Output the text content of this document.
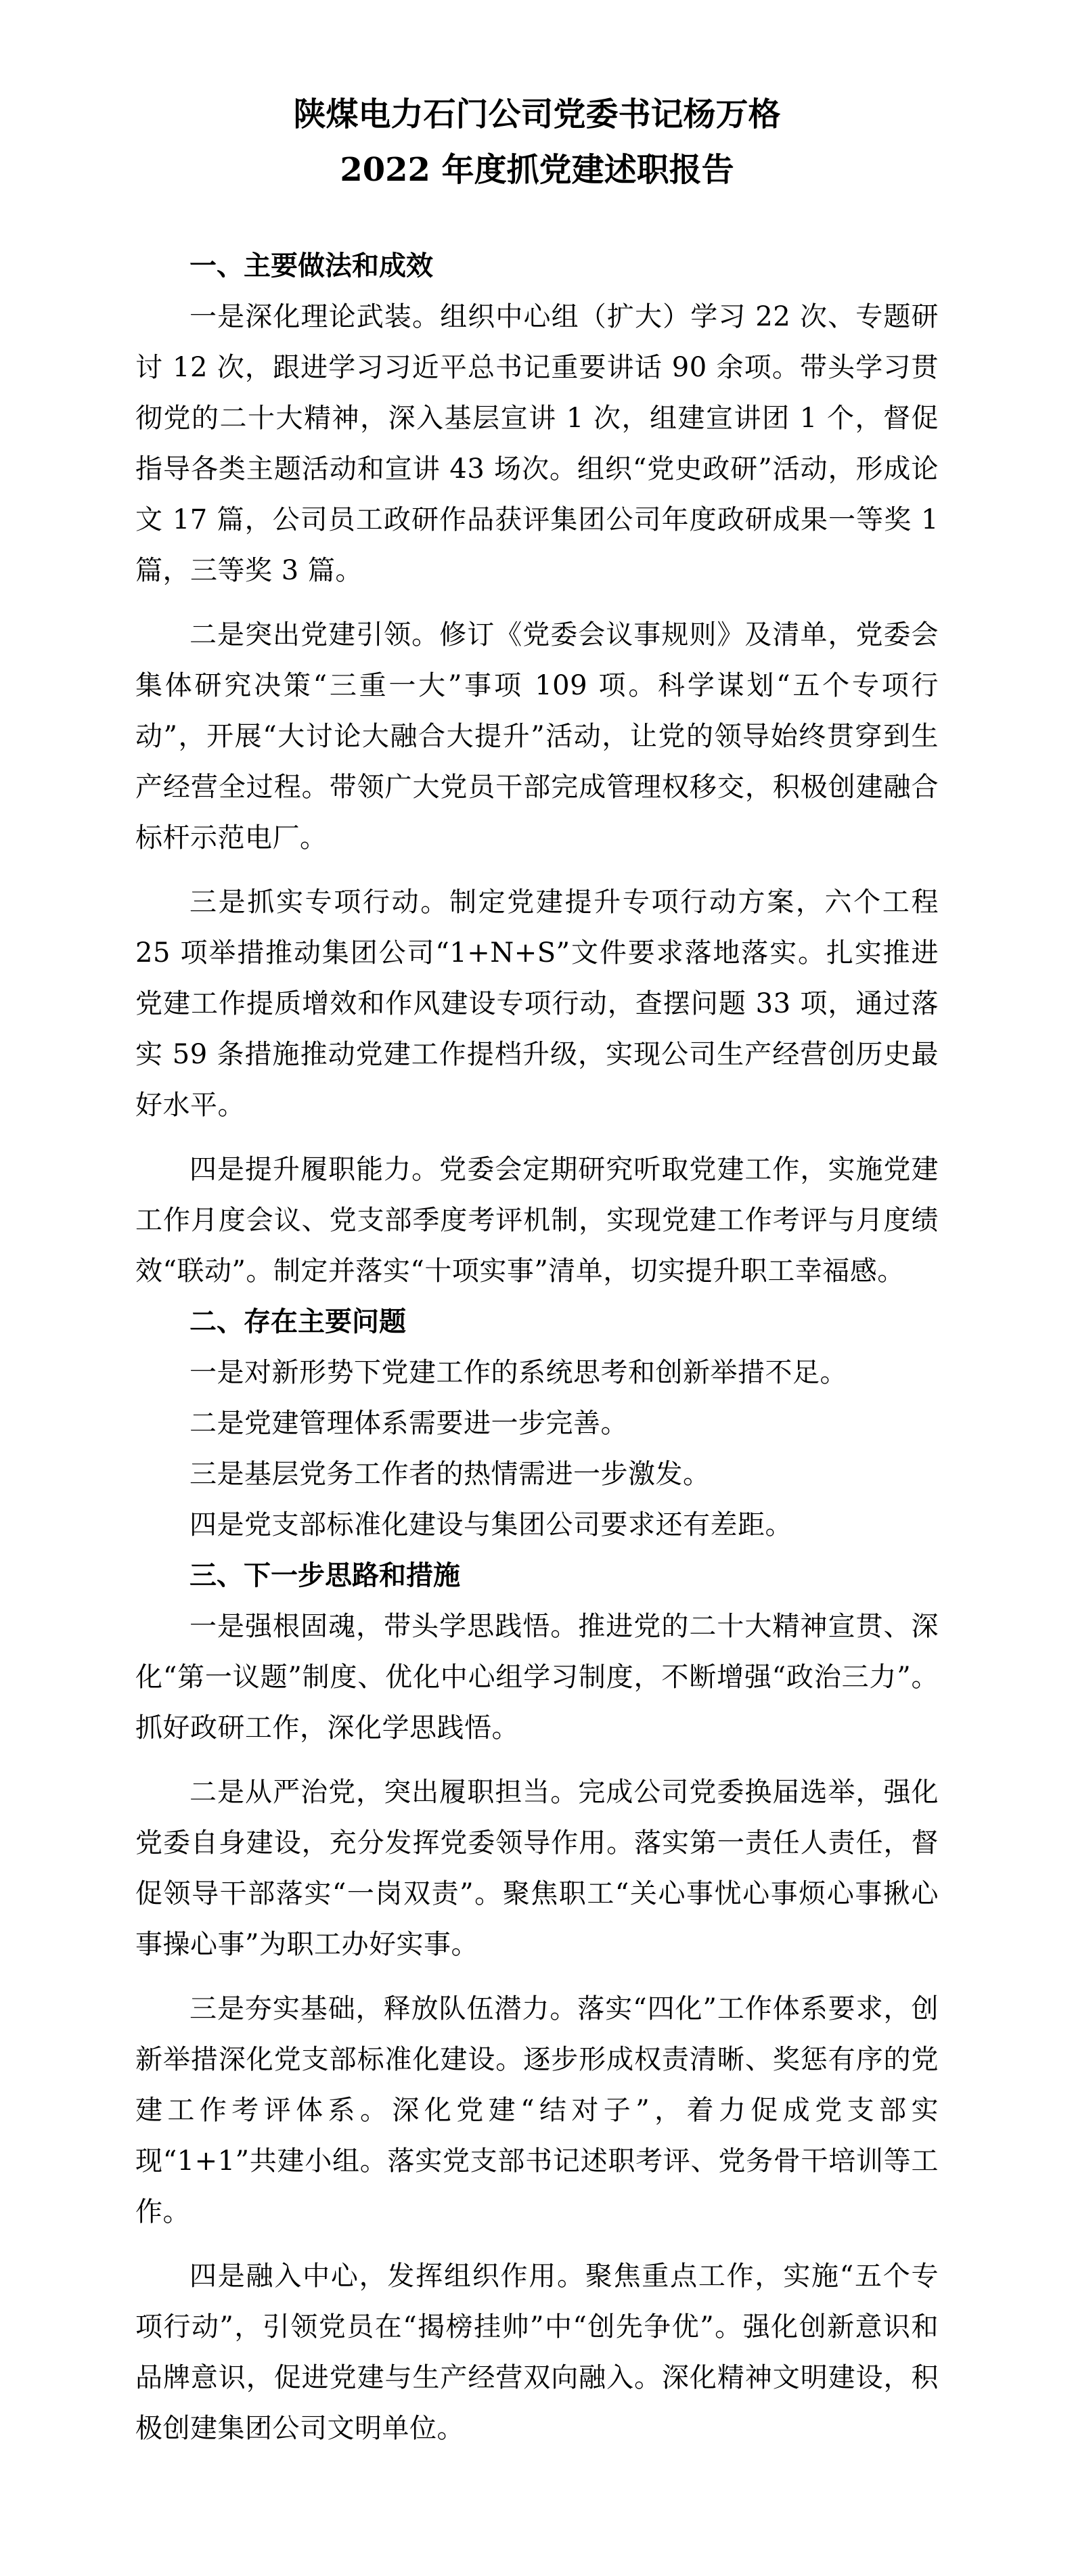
陕煤电力石门公司党委书记杨万格
2022 年度抓党建述职报告
一、主要做法和成效

一是深化理论武装。组织中心组（扩大）学习 22 次、专题研讨 12 次，跟进学习习近平总书记重要讲话 90 余项。带头学习贯彻党的二十大精神，深入基层宣讲 1 次，组建宣讲团 1 个，督促指导各类主题活动和宣讲 43 场次。组织“党史政研”活动，形成论文 17 篇，公司员工政研作品获评集团公司年度政研成果一等奖 1 篇，三等奖 3 篇。

二是突出党建引领。修订《党委会议事规则》及清单，党委会集体研究决策“三重一大”事项 109 项。科学谋划“五个专项行动”，开展“大讨论大融合大提升”活动，让党的领导始终贯穿到生产经营全过程。带领广大党员干部完成管理权移交，积极创建融合标杆示范电厂。

三是抓实专项行动。制定党建提升专项行动方案，六个工程 25 项举措推动集团公司“1+N+S”文件要求落地落实。扎实推进党建工作提质增效和作风建设专项行动，查摆问题 33 项，通过落实 59 条措施推动党建工作提档升级，实现公司生产经营创历史最好水平。

四是提升履职能力。党委会定期研究听取党建工作，实施党建工作月度会议、党支部季度考评机制，实现党建工作考评与月度绩效“联动”。制定并落实“十项实事”清单，切实提升职工幸福感。

二、存在主要问题

一是对新形势下党建工作的系统思考和创新举措不足。

二是党建管理体系需要进一步完善。

三是基层党务工作者的热情需进一步激发。

四是党支部标准化建设与集团公司要求还有差距。

三、下一步思路和措施

一是强根固魂，带头学思践悟。推进党的二十大精神宣贯、深化“第一议题”制度、优化中心组学习制度，不断增强“政治三力”。抓好政研工作，深化学思践悟。

二是从严治党，突出履职担当。完成公司党委换届选举，强化党委自身建设，充分发挥党委领导作用。落实第一责任人责任，督促领导干部落实“一岗双责”。聚焦职工“关心事忧心事烦心事揪心事操心事”为职工办好实事。

三是夯实基础，释放队伍潜力。落实“四化”工作体系要求，创新举措深化党支部标准化建设。逐步形成权责清晰、奖惩有序的党建工作考评体系。深化党建“结对子”，着力促成党支部实现“1+1”共建小组。落实党支部书记述职考评、党务骨干培训等工作。

四是融入中心，发挥组织作用。聚焦重点工作，实施“五个专项行动”，引领党员在“揭榜挂帅”中“创先争优”。强化创新意识和品牌意识，促进党建与生产经营双向融入。深化精神文明建设，积极创建集团公司文明单位。
